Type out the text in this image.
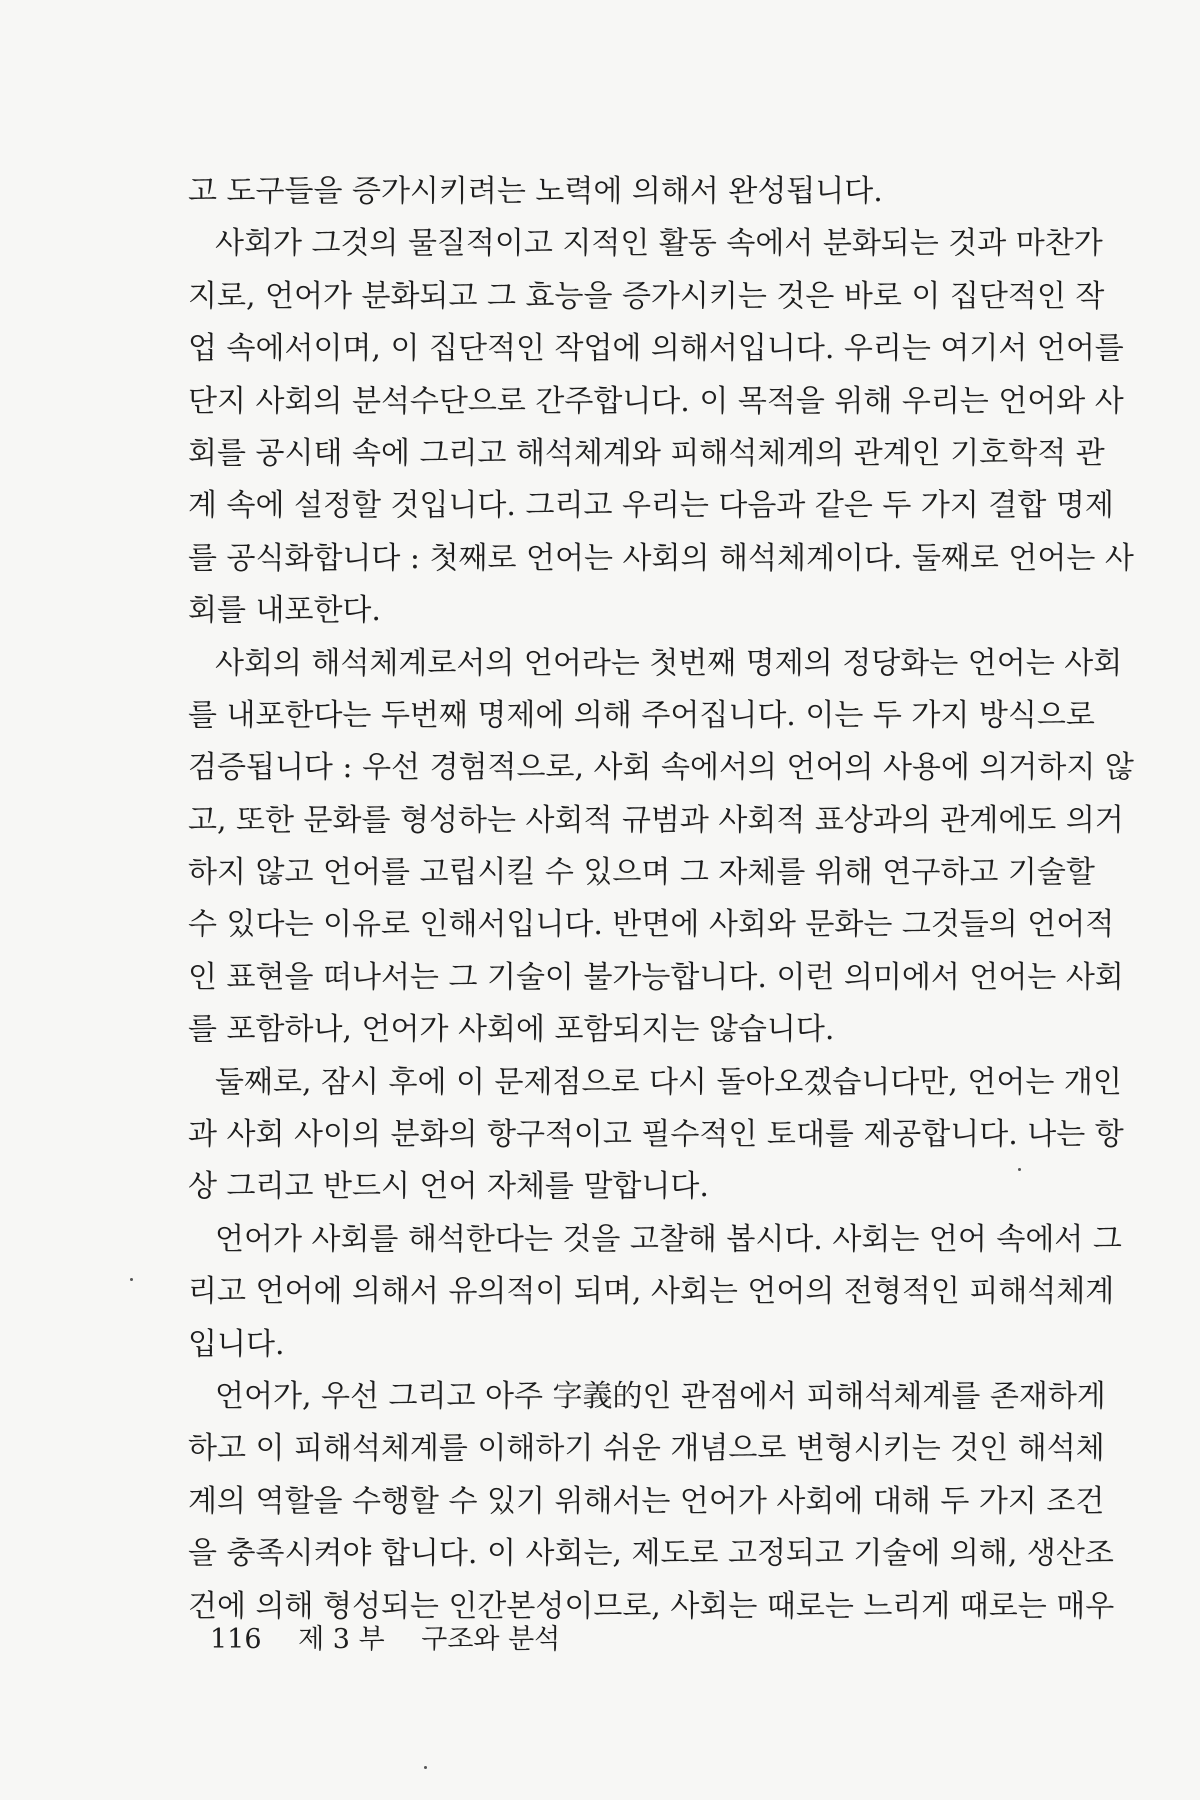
고 도구들을 증가시키려는 노력에 의해서 완성됩니다.
사회가 그것의 물질적이고 지적인 활동 속에서 분화되는 것과 마찬가
지로, 언어가 분화되고 그 효능을 증가시키는 것은 바로 이 집단적인 작
업 속에서이며, 이 집단적인 작업에 의해서입니다. 우리는 여기서 언어를
단지 사회의 분석수단으로 간주합니다. 이 목적을 위해 우리는 언어와 사
회를 공시태 속에 그리고 해석체계와 피해석체계의 관계인 기호학적 관
계 속에 설정할 것입니다. 그리고 우리는 다음과 같은 두 가지 결합 명제
를 공식화합니다 : 첫째로 언어는 사회의 해석체계이다. 둘째로 언어는 사
회를 내포한다.
사회의 해석체계로서의 언어라는 첫번째 명제의 정당화는 언어는 사회
를 내포한다는 두번째 명제에 의해 주어집니다. 이는 두 가지 방식으로
검증됩니다 : 우선 경험적으로, 사회 속에서의 언어의 사용에 의거하지 않
고, 또한 문화를 형성하는 사회적 규범과 사회적 표상과의 관계에도 의거
하지 않고 언어를 고립시킬 수 있으며 그 자체를 위해 연구하고 기술할
수 있다는 이유로 인해서입니다. 반면에 사회와 문화는 그것들의 언어적
인 표현을 떠나서는 그 기술이 불가능합니다. 이런 의미에서 언어는 사회
를 포함하나, 언어가 사회에 포함되지는 않습니다.
둘째로, 잠시 후에 이 문제점으로 다시 돌아오겠습니다만, 언어는 개인
과 사회 사이의 분화의 항구적이고 필수적인 토대를 제공합니다. 나는 항
상 그리고 반드시 언어 자체를 말합니다.
언어가 사회를 해석한다는 것을 고찰해 봅시다. 사회는 언어 속에서 그
리고 언어에 의해서 유의적이 되며, 사회는 언어의 전형적인 피해석체계
입니다.
언어가, 우선 그리고 아주 字義的인 관점에서 피해석체계를 존재하게
하고 이 피해석체계를 이해하기 쉬운 개념으로 변형시키는 것인 해석체
계의 역할을 수행할 수 있기 위해서는 언어가 사회에 대해 두 가지 조건
을 충족시켜야 합니다. 이 사회는, 제도로 고정되고 기술에 의해, 생산조
건에 의해 형성되는 인간본성이므로, 사회는 때로는 느리게 때로는 매우
116 제 3 부 구조와 분석
